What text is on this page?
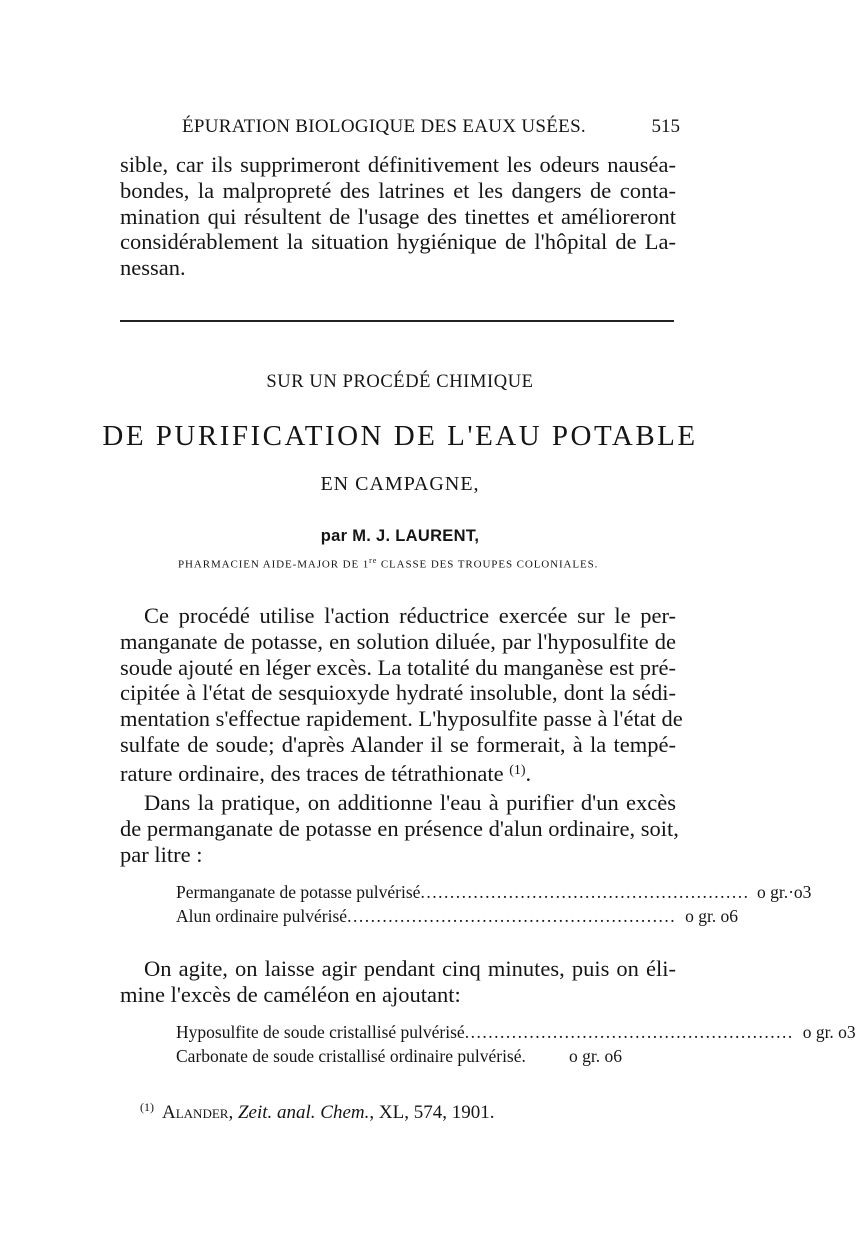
ÉPURATION BIOLOGIQUE DES EAUX USÉES.	515
sible, car ils supprimeront définitivement les odeurs nauséa-
bondes, la malpropreté des latrines et les dangers de conta-
mination qui résultent de l'usage des tinettes et amélioreront
considérablement la situation hygiénique de l'hôpital de La-
nessan.
SUR UN PROCÉDÉ CHIMIQUE
DE PURIFICATION DE L'EAU POTABLE
EN CAMPAGNE,
par M. J. LAURENT,
PHARMACIEN AIDE-MAJOR DE 1re CLASSE DES TROUPES COLONIALES.
Ce procédé utilise l'action réductrice exercée sur le per-
manganate de potasse, en solution diluée, par l'hyposulfite de
soude ajouté en léger excès. La totalité du manganèse est pré-
cipitée à l'état de sesquioxyde hydraté insoluble, dont la sédi-
mentation s'effectue rapidement. L'hyposulfite passe à l'état de
sulfate de soude; d'après Alander il se formerait, à la tempé-
rature ordinaire, des traces de tétrathionate $^{(1)}$.
Dans la pratique, on additionne l'eau à purifier d'un excès
de permanganate de potasse en présence d'alun ordinaire, soit,
par litre :
Permanganate de potasse pulvérisé ........................................................ o gr.·o3
Alun ordinaire pulvérisé ........................................................ o gr. o6
On agite, on laisse agir pendant cinq minutes, puis on éli-
mine l'excès de caméléon en ajoutant:
Hyposulfite de soude cristallisé pulvérisé ........................................................ o gr. o3
Carbonate de soude cristallisé ordinaire pulvérisé.	o gr. o6
$^{(1)}$ Alander, Zeit. anal. Chem., XL, 574, 1901.
